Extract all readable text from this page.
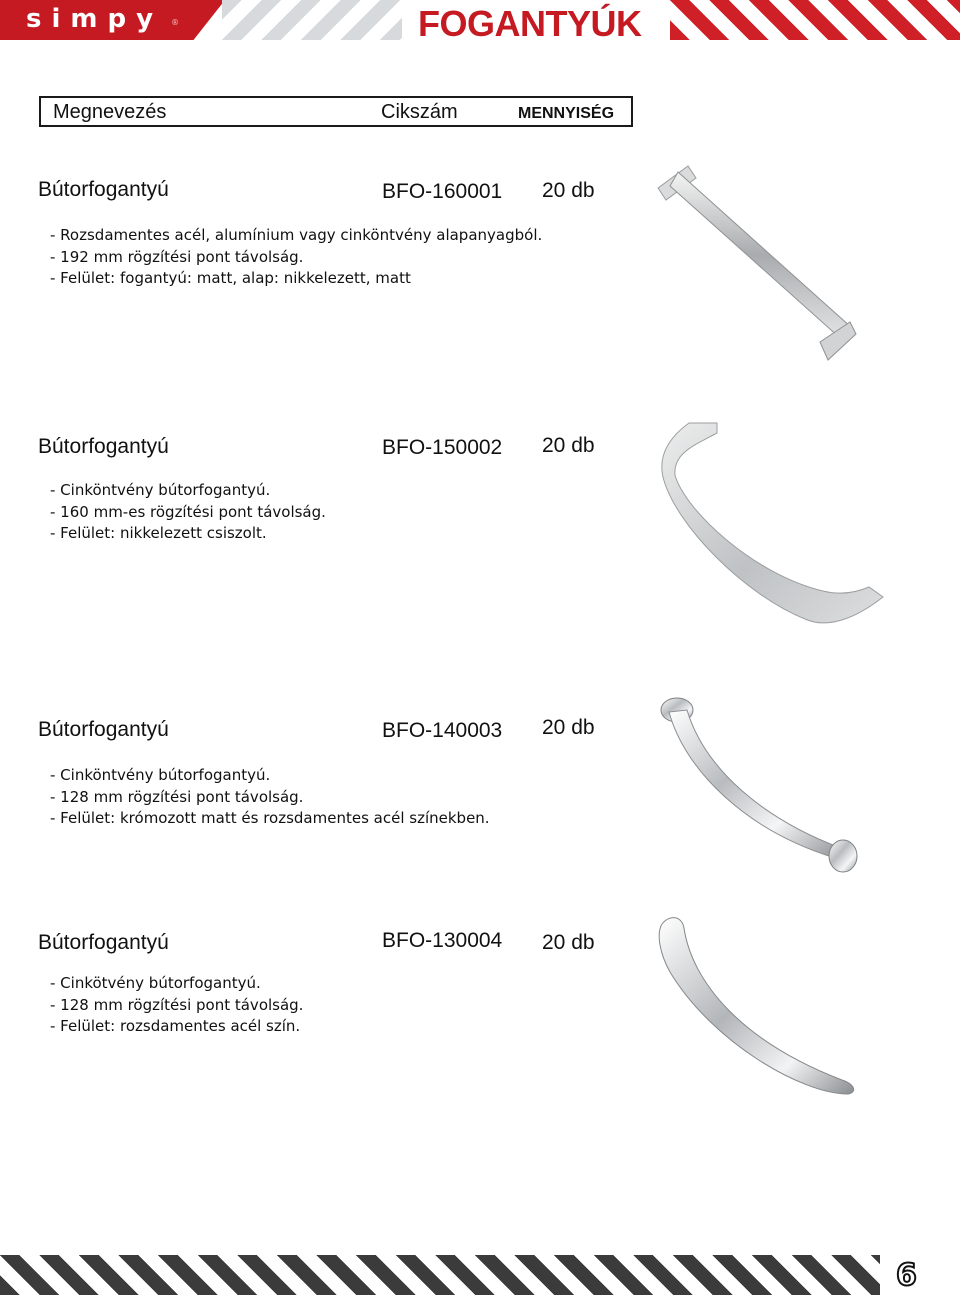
simpy ®	FOGANTYÚK
Megnevezés	Cikszám	MENNYISÉG
Bútorfogantyú	BFO-160001 20 db
- Rozsdamentes acél, alumínium vagy cinköntvény alapanyagból.
- 192 mm rögzítési pont távolság.
- Felület: fogantyú: matt, alap: nikkelezett, matt
Bútorfogantyú	BFO-150002 20 db
- Cinköntvény bútorfogantyú.
- 160 mm-es rögzítési pont távolság.
- Felület: nikkelezett csiszolt.
Bútorfogantyú	BFO-140003 20 db
- Cinköntvény bútorfogantyú.
- 128 mm rögzítési pont távolság.
- Felület: krómozott matt és rozsdamentes acél színekben.
Bútorfogantyú	BFO-130004 20 db
- Cinkötvény bútorfogantyú.
- 128 mm rögzítési pont távolság.
- Felület: rozsdamentes acél szín.
6
